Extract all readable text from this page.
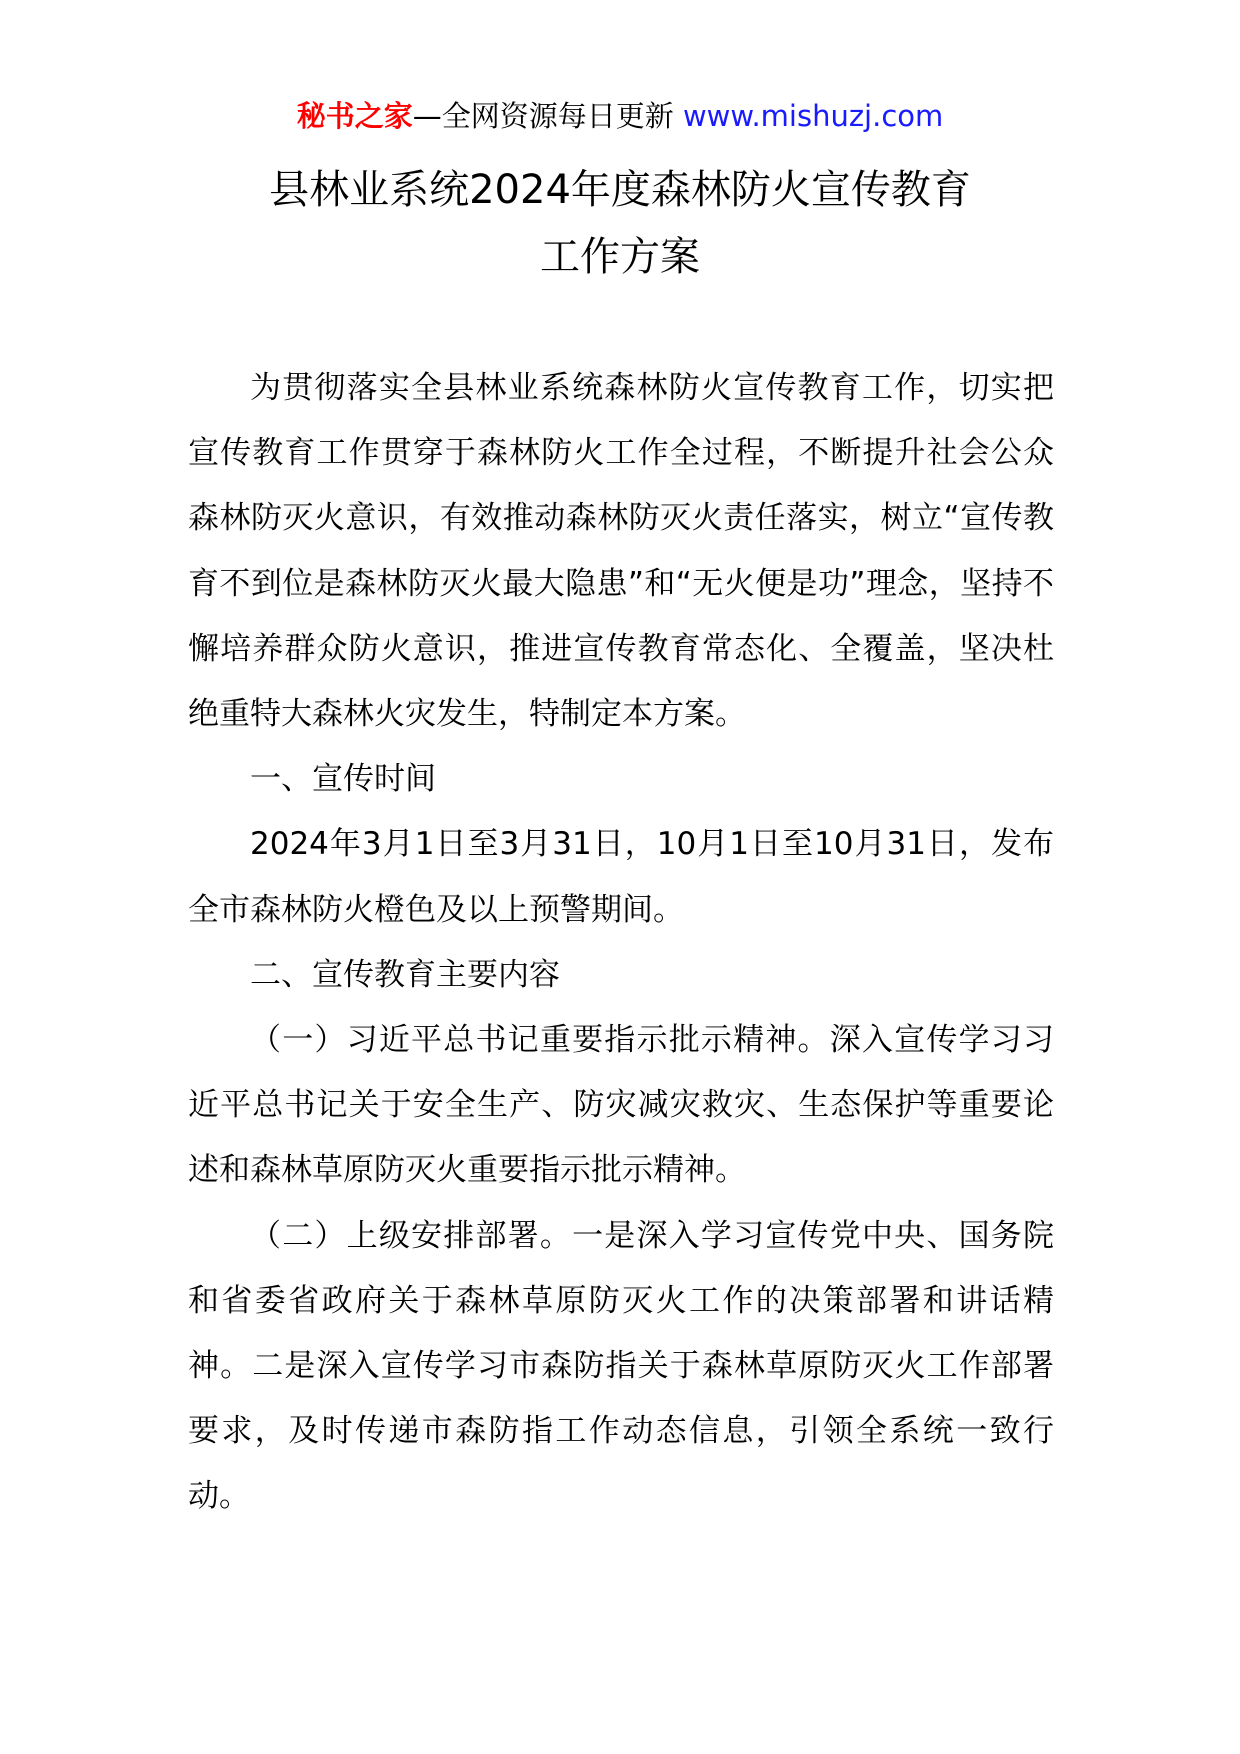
秘书之家—全网资源每日更新 www.mishuzj.com
县林业系统2024年度森林防火宣传教育
工作方案

为贯彻落实全县林业系统森林防火宣传教育工作，切实把宣传教育工作贯穿于森林防火工作全过程，不断提升社会公众森林防灭火意识，有效推动森林防灭火责任落实，树立“宣传教育不到位是森林防灭火最大隐患”和“无火便是功”理念，坚持不懈培养群众防火意识，推进宣传教育常态化、全覆盖，坚决杜绝重特大森林火灾发生，特制定本方案。

一、宣传时间

2024年3月1日至3月31日，10月1日至10月31日，发布全市森林防火橙色及以上预警期间。

二、宣传教育主要内容

（一）习近平总书记重要指示批示精神。深入宣传学习习近平总书记关于安全生产、防灾减灾救灾、生态保护等重要论述和森林草原防灭火重要指示批示精神。

（二）上级安排部署。一是深入学习宣传党中央、国务院和省委省政府关于森林草原防灭火工作的决策部署和讲话精神。二是深入宣传学习市森防指关于森林草原防灭火工作部署要求，及时传递市森防指工作动态信息，引领全系统一致行动。
